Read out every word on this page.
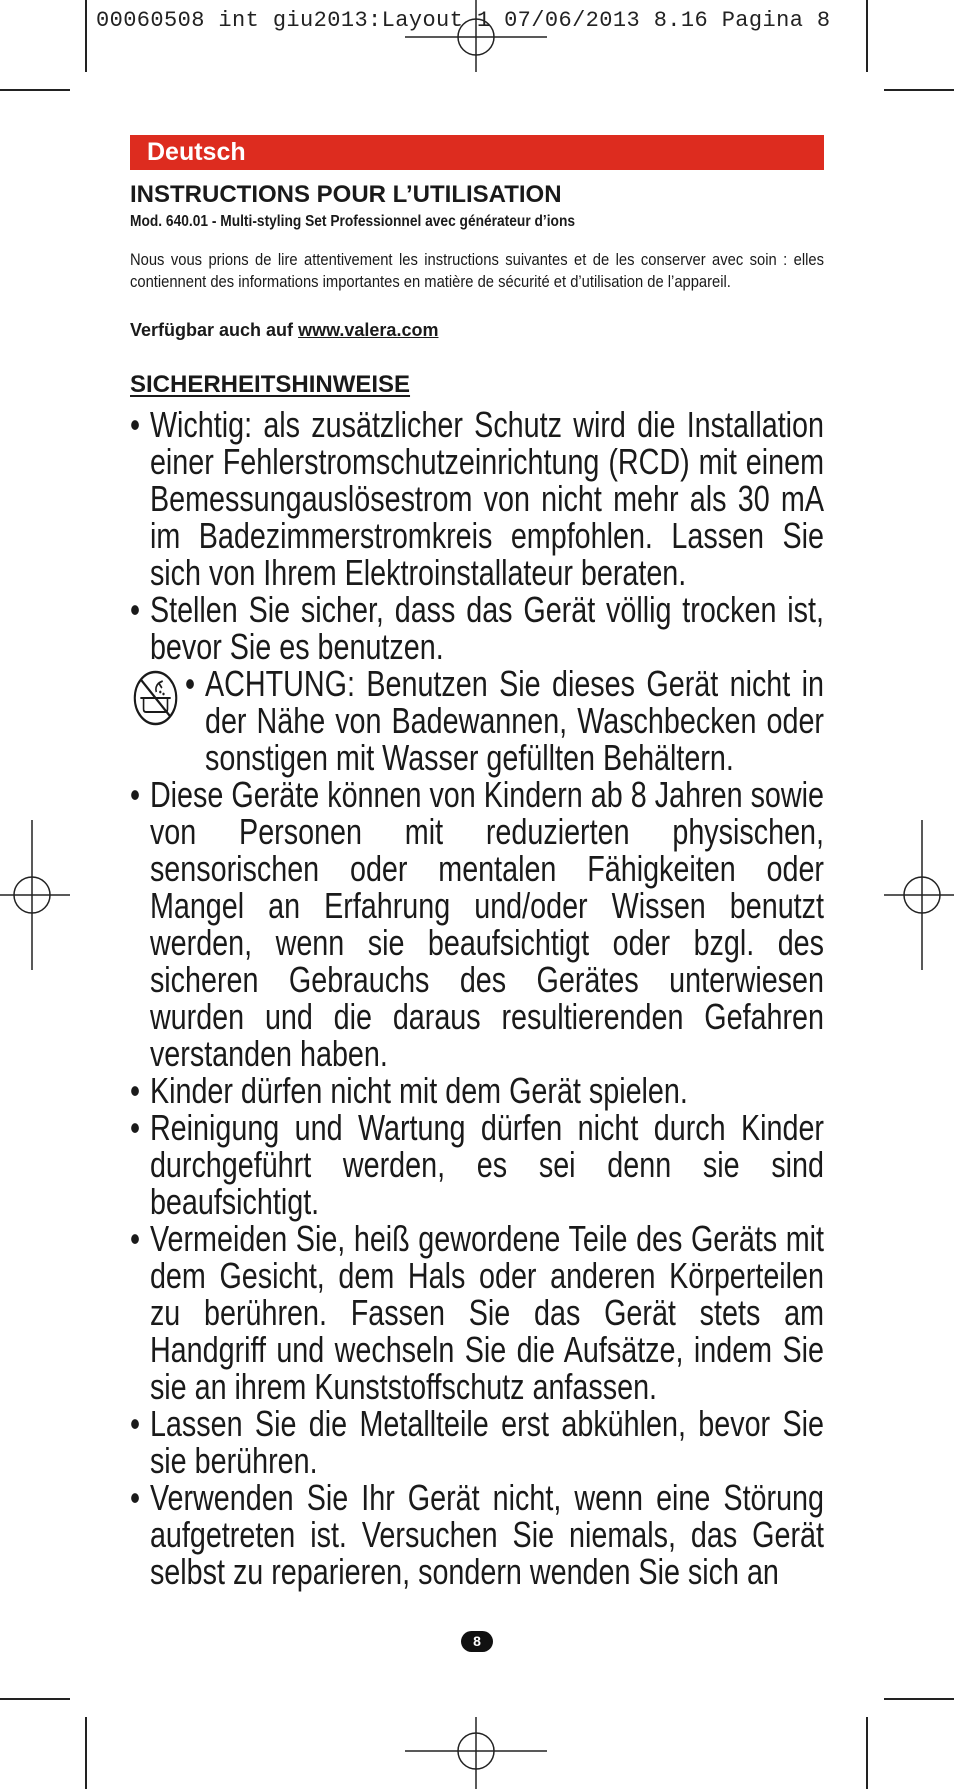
00060508 int giu2013:Layout 1 07/06/2013 8.16 Pagina 8
Deutsch
INSTRUCTIONS POUR L’UTILISATION
Mod. 640.01 - Multi-styling Set Professionnel avec générateur d’ions
Nous vous prions de lire attentivement les instructions suivantes et de les conserver avec soin : elles contiennent des informations importantes en matière de sécurité et d’utilisation de l’appareil.
Verfügbar auch auf www.valera.com
SICHERHEITSHINWEISE
• Wichtig: als zusätzlicher Schutz wird die Installation einer Fehlerstromschutzeinrichtung (RCD) mit einem Bemessungauslösestrom von nicht mehr als 30 mA im Badezimmerstromkreis empfohlen. Lassen Sie sich von Ihrem Elektroinstallateur beraten.
• Stellen Sie sicher, dass das Gerät völlig trocken ist, bevor Sie es benutzen.
• ACHTUNG: Benutzen Sie dieses Gerät nicht in der Nähe von Badewannen, Waschbecken oder sonstigen mit Wasser gefüllten Behältern.
• Diese Geräte können von Kindern ab 8 Jahren sowie von Personen mit reduzierten physischen, sensorischen oder mentalen Fähigkeiten oder Mangel an Erfahrung und/oder Wissen benutzt werden, wenn sie beaufsichtigt oder bzgl. des sicheren Gebrauchs des Gerätes unterwiesen wurden und die daraus resultierenden Gefahren verstanden haben.
• Kinder dürfen nicht mit dem Gerät spielen.
• Reinigung und Wartung dürfen nicht durch Kinder durchgeführt werden, es sei denn sie sind beaufsichtigt.
• Vermeiden Sie, heiß gewordene Teile des Geräts mit dem Gesicht, dem Hals oder anderen Körperteilen zu berühren. Fassen Sie das Gerät stets am Handgriff und wechseln Sie die Aufsätze, indem Sie sie an ihrem Kunststoffschutz anfassen.
• Lassen Sie die Metallteile erst abkühlen, bevor Sie sie berühren.
• Verwenden Sie Ihr Gerät nicht, wenn eine Störung aufgetreten ist. Versuchen Sie niemals, das Gerät selbst zu reparieren, sondern wenden Sie sich an
8
